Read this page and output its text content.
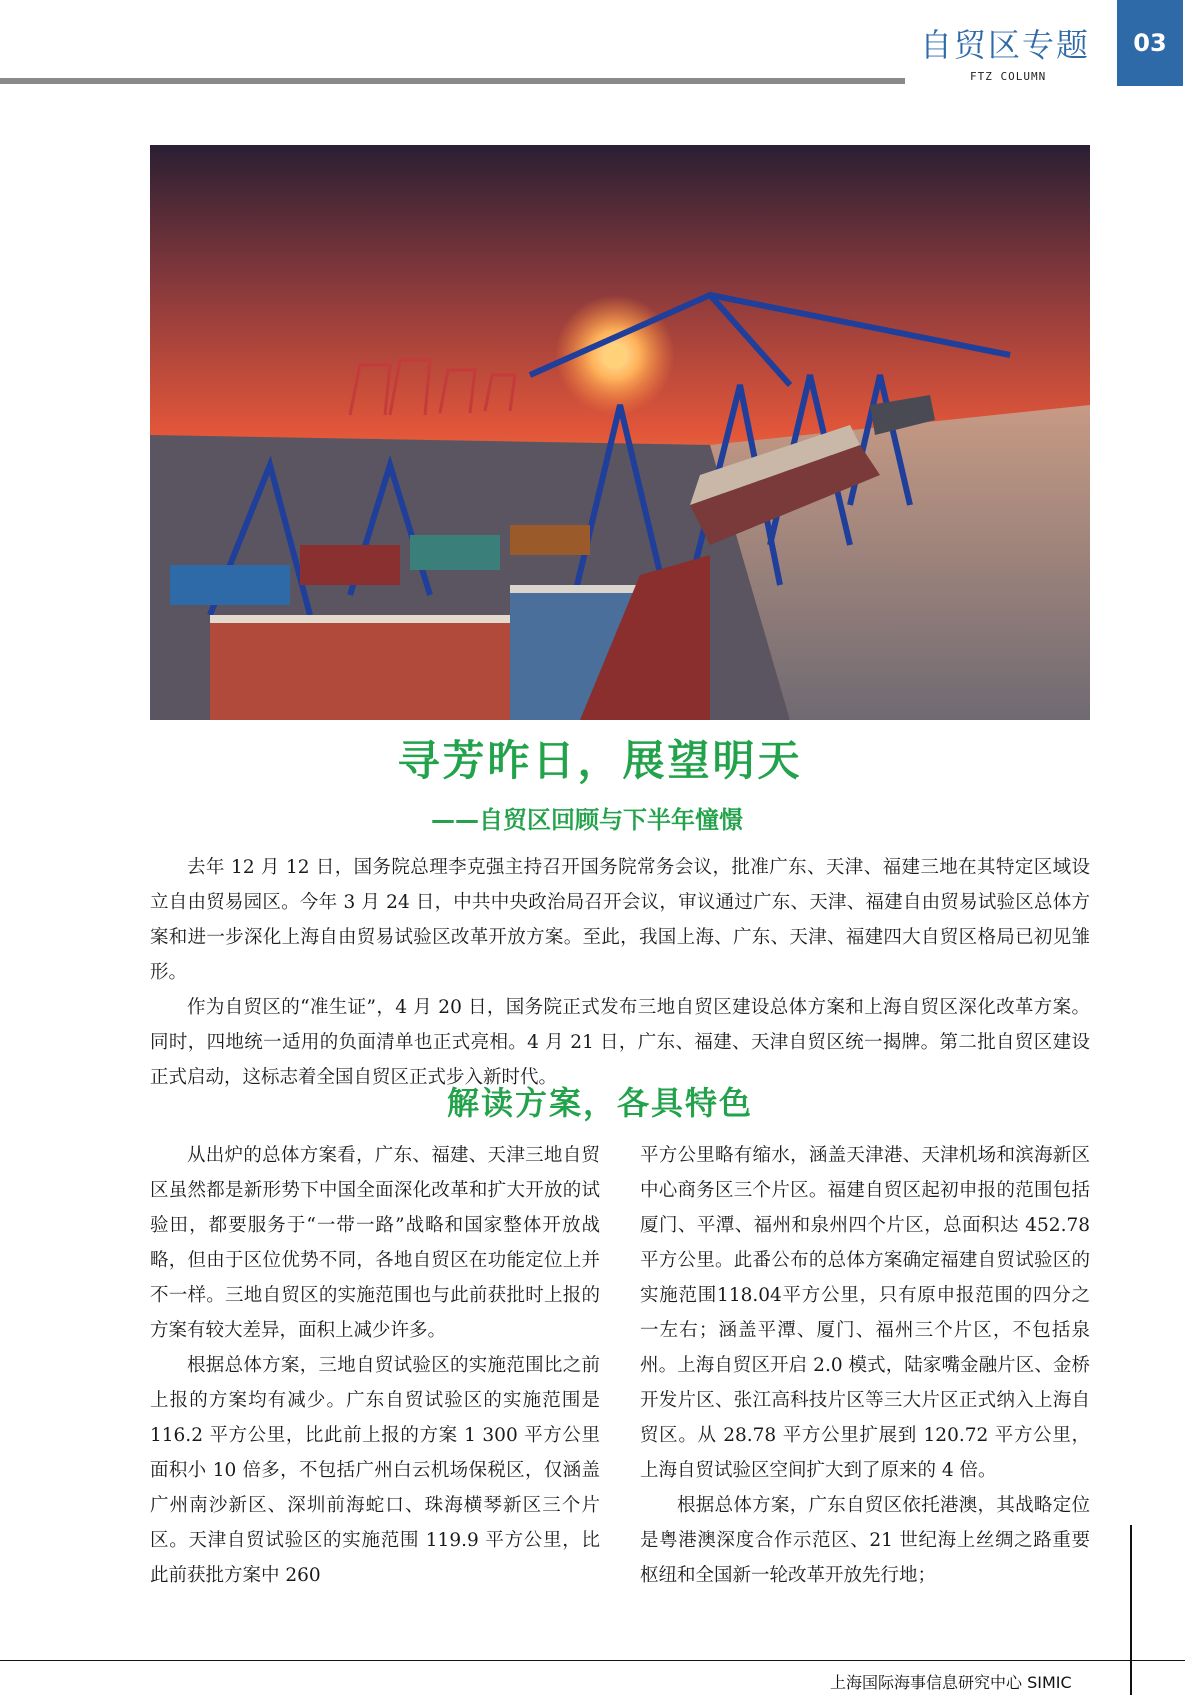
自贸区专题
FTZ COLUMN
03
寻芳昨日，展望明天
——自贸区回顾与下半年憧憬

去年 12 月 12 日，国务院总理李克强主持召开国务院常务会议，批准广东、天津、福建三地在其特定区域设立自由贸易园区。今年 3 月 24 日，中共中央政治局召开会议，审议通过广东、天津、福建自由贸易试验区总体方案和进一步深化上海自由贸易试验区改革开放方案。至此，我国上海、广东、天津、福建四大自贸区格局已初见雏形。

作为自贸区的“准生证”，4 月 20 日，国务院正式发布三地自贸区建设总体方案和上海自贸区深化改革方案。同时，四地统一适用的负面清单也正式亮相。4 月 21 日，广东、福建、天津自贸区统一揭牌。第二批自贸区建设正式启动，这标志着全国自贸区正式步入新时代。

解读方案，各具特色

从出炉的总体方案看，广东、福建、天津三地自贸区虽然都是新形势下中国全面深化改革和扩大开放的试验田，都要服务于“一带一路”战略和国家整体开放战略，但由于区位优势不同，各地自贸区在功能定位上并不一样。三地自贸区的实施范围也与此前获批时上报的方案有较大差异，面积上减少许多。

根据总体方案，三地自贸试验区的实施范围比之前上报的方案均有减少。广东自贸试验区的实施范围是 116.2 平方公里，比此前上报的方案 1 300 平方公里面积小 10 倍多，不包括广州白云机场保税区，仅涵盖广州南沙新区、深圳前海蛇口、珠海横琴新区三个片区。天津自贸试验区的实施范围 119.9 平方公里，比此前获批方案中 260

平方公里略有缩水，涵盖天津港、天津机场和滨海新区中心商务区三个片区。福建自贸区起初申报的范围包括厦门、平潭、福州和泉州四个片区，总面积达 452.78 平方公里。此番公布的总体方案确定福建自贸试验区的实施范围118.04平方公里，只有原申报范围的四分之一左右；涵盖平潭、厦门、福州三个片区，不包括泉州。上海自贸区开启 2.0 模式，陆家嘴金融片区、金桥开发片区、张江高科技片区等三大片区正式纳入上海自贸区。从 28.78 平方公里扩展到 120.72 平方公里，上海自贸试验区空间扩大到了原来的 4 倍。

根据总体方案，广东自贸区依托港澳，其战略定位是粤港澳深度合作示范区、21 世纪海上丝绸之路重要枢纽和全国新一轮改革开放先行地；

上海国际海事信息研究中心 SIMIC
